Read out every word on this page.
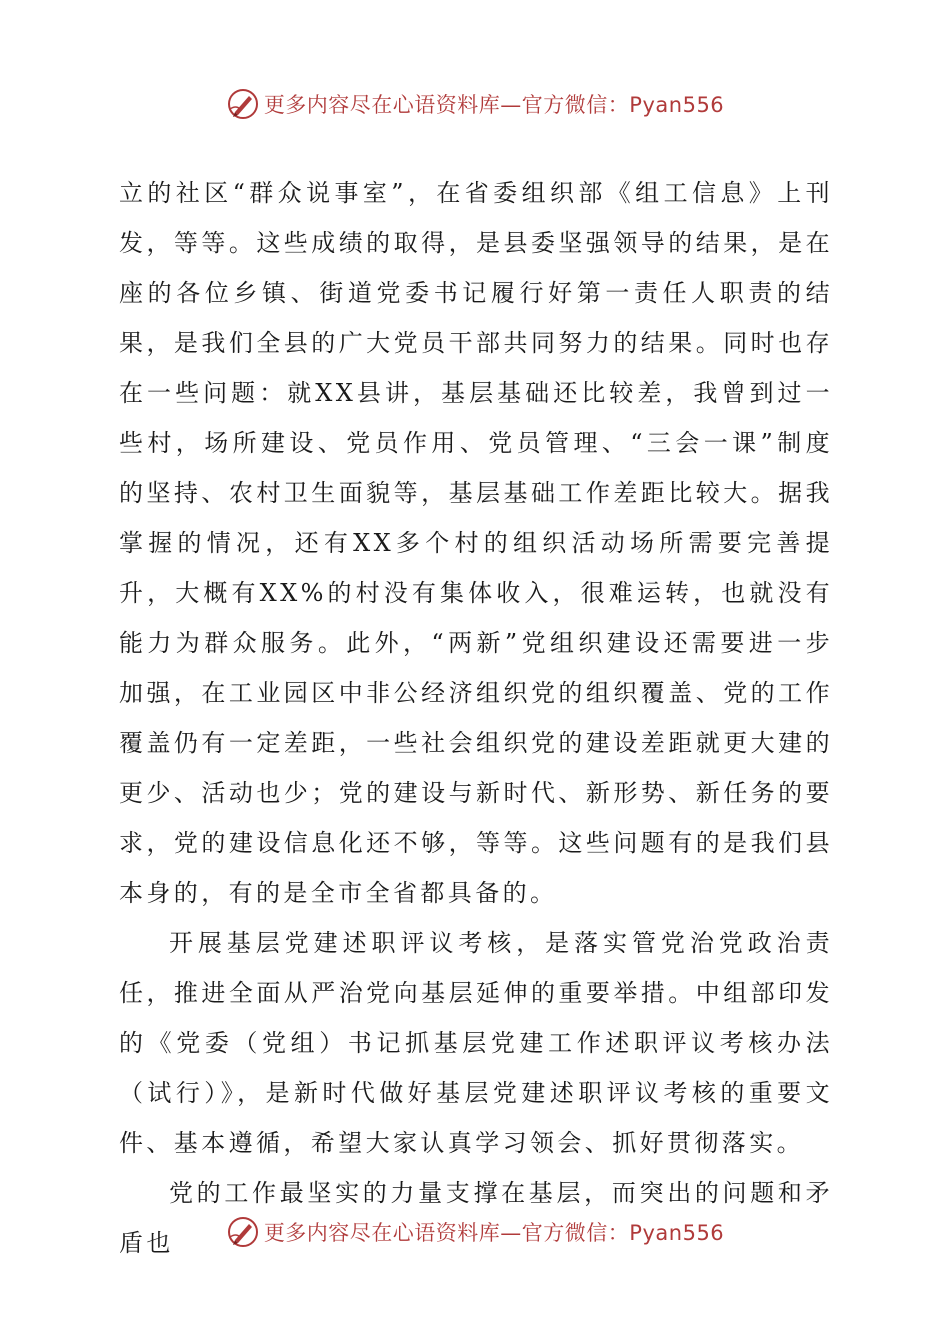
更多内容尽在心语资料库—官方微信：Pyan556

立的社区“群众说事室”，在省委组织部《组工信息》上刊发，等等。这些成绩的取得，是县委坚强领导的结果，是在座的各位乡镇、街道党委书记履行好第一责任人职责的结果，是我们全县的广大党员干部共同努力的结果。同时也存在一些问题：就XX县讲，基层基础还比较差，我曾到过一些村，场所建设、党员作用、党员管理、“三会一课”制度的坚持、农村卫生面貌等，基层基础工作差距比较大。据我掌握的情况，还有XX多个村的组织活动场所需要完善提升，大概有XX%的村没有集体收入，很难运转，也就没有能力为群众服务。此外，“两新”党组织建设还需要进一步加强，在工业园区中非公经济组织党的组织覆盖、党的工作覆盖仍有一定差距，一些社会组织党的建设差距就更大建的更少、活动也少；党的建设与新时代、新形势、新任务的要求，党的建设信息化还不够，等等。这些问题有的是我们县本身的，有的是全市全省都具备的。

开展基层党建述职评议考核，是落实管党治党政治责任，推进全面从严治党向基层延伸的重要举措。中组部印发的《党委（党组）书记抓基层党建工作述职评议考核办法（试行）》，是新时代做好基层党建述职评议考核的重要文件、基本遵循，希望大家认真学习领会、抓好贯彻落实。

党的工作最坚实的力量支撑在基层，而突出的问题和矛盾也	更多内容尽在心语资料库—官方微信：Pyan556
